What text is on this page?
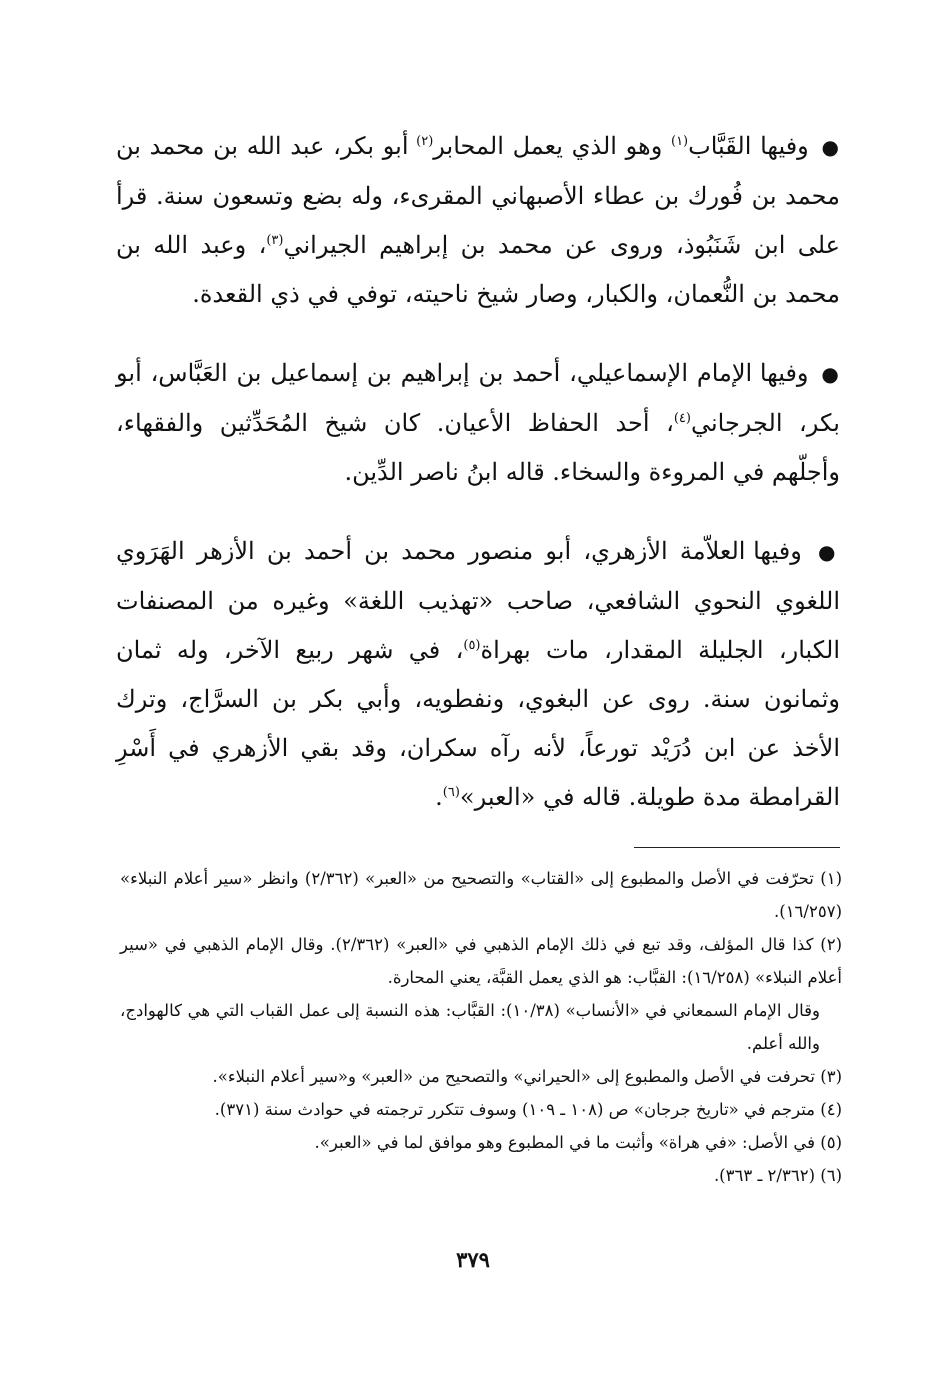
● وفيها القَبَّاب$^{(١)}$ وهو الذي يعمل المحابر$^{(٢)}$ أبو بكر، عبد الله بن محمد بن محمد بن فُورك بن عطاء الأصبهاني المقرىء، وله بضع وتسعون سنة. قرأ على ابن شَنَبُوذ، وروى عن محمد بن إبراهيم الجيراني$^{(٣)}$، وعبد الله بن محمد بن النُّعمان، والكبار، وصار شيخ ناحيته، توفي في ذي القعدة.

● وفيها الإمام الإسماعيلي، أحمد بن إبراهيم بن إسماعيل بن العَبَّاس، أبو بكر، الجرجاني$^{(٤)}$، أحد الحفاظ الأعيان. كان شيخ المُحَدِّثين والفقهاء، وأجلّهم في المروءة والسخاء. قاله ابنُ ناصر الدِّين.

● وفيها العلاّمة الأزهري، أبو منصور محمد بن أحمد بن الأزهر الهَرَوي اللغوي النحوي الشافعي، صاحب «تهذيب اللغة» وغيره من المصنفات الكبار، الجليلة المقدار، مات بهراة$^{(٥)}$، في شهر ربيع الآخر، وله ثمان وثمانون سنة. روى عن البغوي، ونفطويه، وأبي بكر بن السرَّاج، وترك الأخذ عن ابن دُرَيْد تورعاً، لأنه رآه سكران، وقد بقي الأزهري في أَسْرِ القرامطة مدة طويلة. قاله في «العبر»$^{(٦)}$.

(١) تحرّفت في الأصل والمطبوع إلى «القتاب» والتصحيح من «العبر» (٢/٣٦٢) وانظر «سير أعلام النبلاء» (١٦/٢٥٧).

(٢) كذا قال المؤلف، وقد تبع في ذلك الإمام الذهبي في «العبر» (٢/٣٦٢). وقال الإمام الذهبي في «سير أعلام النبلاء» (١٦/٢٥٨): القبَّاب: هو الذي يعمل القبَّة، يعني المحارة.

وقال الإمام السمعاني في «الأنساب» (١٠/٣٨): القبَّاب: هذه النسبة إلى عمل القباب التي هي كالهوادج، والله أعلم.

(٣) تحرفت في الأصل والمطبوع إلى «الحيراني» والتصحيح من «العبر» و«سير أعلام النبلاء».

(٤) مترجم في «تاريخ جرجان» ص (١٠٨ ـ ١٠٩) وسوف تتكرر ترجمته في حوادث سنة (٣٧١).

(٥) في الأصل: «في هراة» وأثبت ما في المطبوع وهو موافق لما في «العبر».

(٦) (٢/٣٦٢ ـ ٣٦٣).

٣٧٩
